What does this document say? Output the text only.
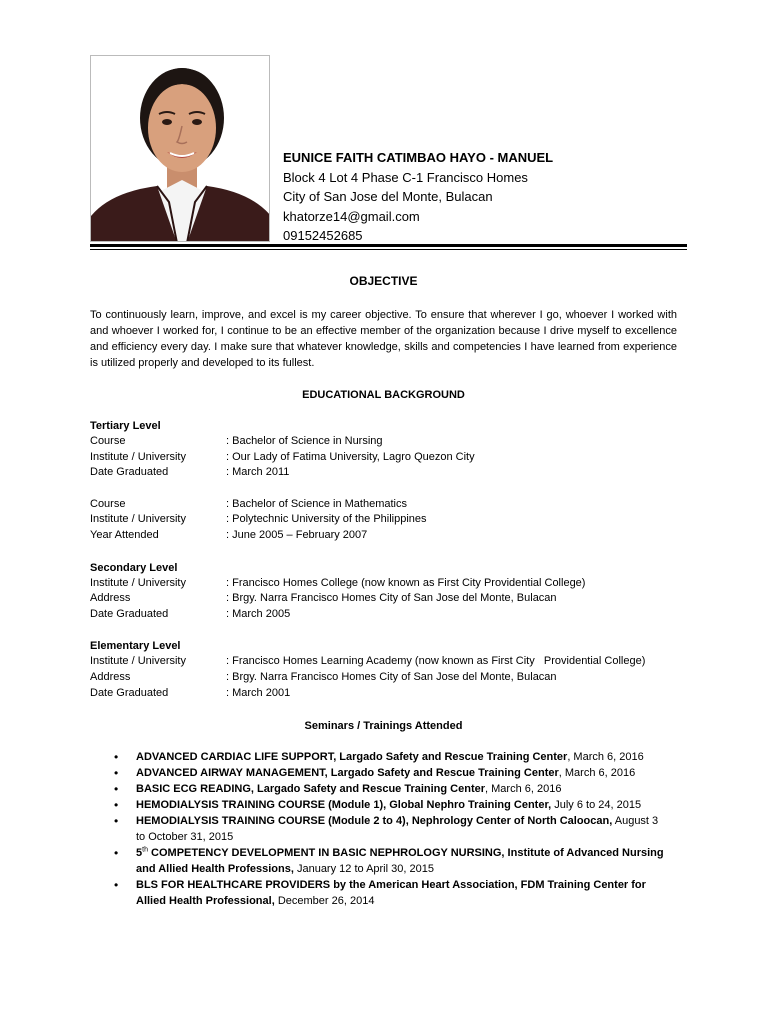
EUNICE FAITH CATIMBAO HAYO - MANUEL
Block 4 Lot 4 Phase C-1 Francisco Homes
City of San Jose del Monte, Bulacan
khatorze14@gmail.com
09152452685
OBJECTIVE
To continuously learn, improve, and excel is my career objective. To ensure that wherever I go, whoever I worked with and whoever I worked for, I continue to be an effective member of the organization because I drive myself to excellence and efficiency every day. I make sure that whatever knowledge, skills and competencies I have learned from experience is utilized properly and developed to its fullest.
EDUCATIONAL BACKGROUND
Tertiary Level
Course	: Bachelor of Science in Nursing
Institute / University	: Our Lady of Fatima University, Lagro Quezon City
Date Graduated	: March 2011
Course	: Bachelor of Science in Mathematics
Institute / University	: Polytechnic University of the Philippines
Year Attended	: June 2005 – February 2007
Secondary Level
Institute / University	: Francisco Homes College (now known as First City Providential College)
Address	: Brgy. Narra Francisco Homes City of San Jose del Monte, Bulacan
Date Graduated	: March 2005
Elementary Level
Institute / University	: Francisco Homes Learning Academy (now known as First City   Providential College)
Address	: Brgy. Narra Francisco Homes City of San Jose del Monte, Bulacan
Date Graduated	: March 2001
Seminars / Trainings Attended
• ADVANCED CARDIAC LIFE SUPPORT, Largado Safety and Rescue Training Center, March 6, 2016
• ADVANCED AIRWAY MANAGEMENT, Largado Safety and Rescue Training Center, March 6, 2016
• BASIC ECG READING, Largado Safety and Rescue Training Center, March 6, 2016
• HEMODIALYSIS TRAINING COURSE (Module 1), Global Nephro Training Center, July 6 to 24, 2015
• HEMODIALYSIS TRAINING COURSE (Module 2 to 4), Nephrology Center of North Caloocan, August 3 to October 31, 2015
• 5th COMPETENCY DEVELOPMENT IN BASIC NEPHROLOGY NURSING, Institute of Advanced Nursing and Allied Health Professions, January 12 to April 30, 2015
• BLS FOR HEALTHCARE PROVIDERS by the American Heart Association, FDM Training Center for Allied Health Professional, December 26, 2014
